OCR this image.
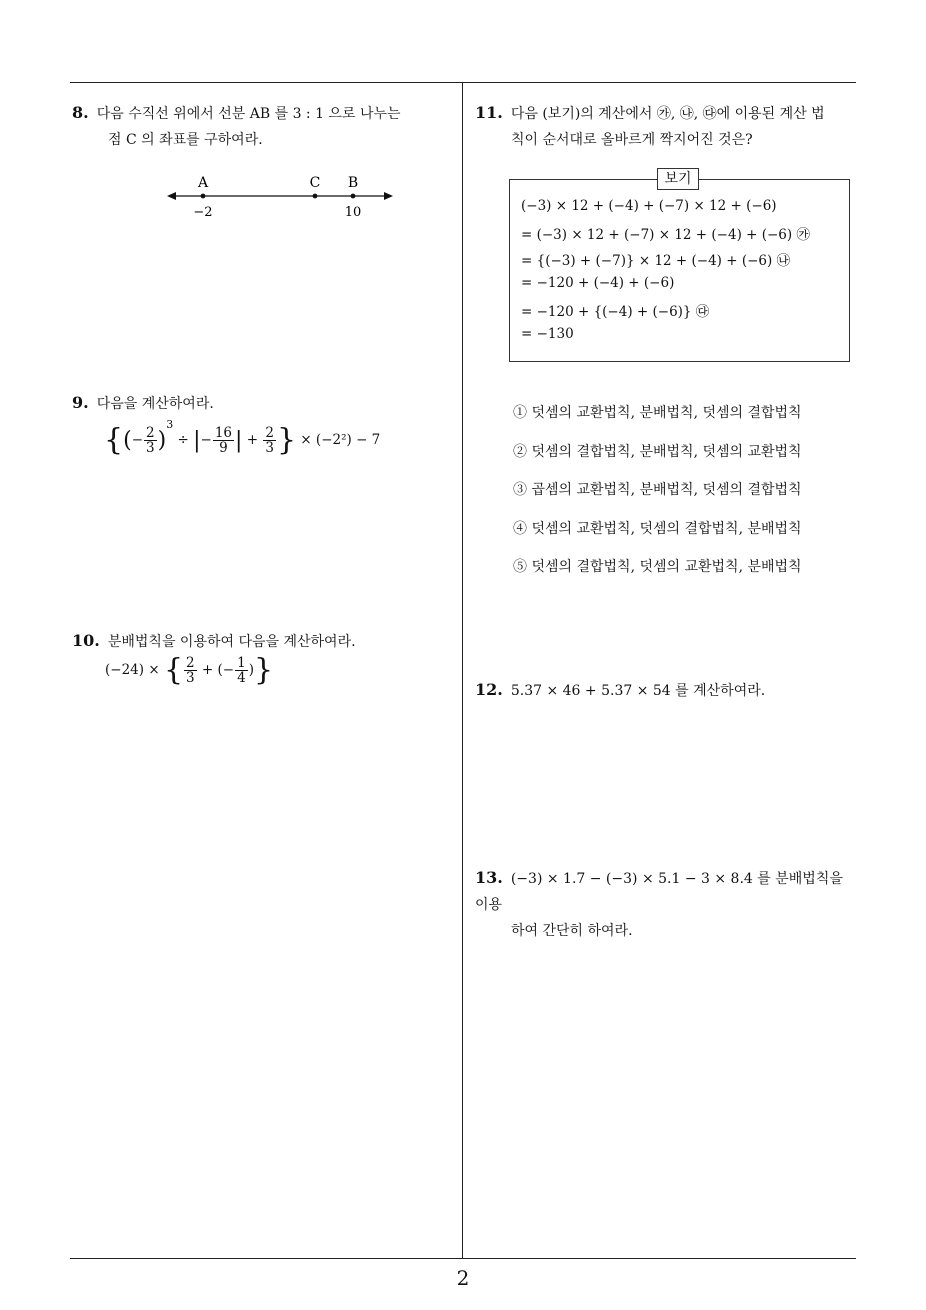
8. 다음 수직선 위에서 선분 AB 를 3 : 1 으로 나누는
점 C 의 좌표를 구하여라.
A	C B
−2	10
9. 다음을 계산하여라.
{(− $\frac{2}{3} )^3$ ÷ |− $\frac{16}{9}$ | + $\frac{2}{3}$ } × (−2²) − 7
10. 분배법칙을 이용하여 다음을 계산하여라.
(−24) × { $\frac{2}{3}$ + (− $\frac{1}{4}$ )}
11. 다음 (보기)의 계산에서 ㉮, ㉯, ㉰에 이용된 계산 법
칙이 순서대로 올바르게 짝지어진 것은?
보기
(−3) × 12 + (−4) + (−7) × 12 + (−6)
= (−3) × 12 + (−7) × 12 + (−4) + (−6) ㉮
= {(−3) + (−7)} × 12 + (−4) + (−6) ㉯
= −120 + (−4) + (−6)
= −120 + {(−4) + (−6)} ㉰
= −130
① 덧셈의 교환법칙, 분배법칙, 덧셈의 결합법칙
② 덧셈의 결합법칙, 분배법칙, 덧셈의 교환법칙
③ 곱셈의 교환법칙, 분배법칙, 덧셈의 결합법칙
④ 덧셈의 교환법칙, 덧셈의 결합법칙, 분배법칙
⑤ 덧셈의 결합법칙, 덧셈의 교환법칙, 분배법칙
12. 5.37 × 46 + 5.37 × 54 를 계산하여라.
13. (−3) × 1.7 − (−3) × 5.1 − 3 × 8.4 를 분배법칙을 이용
하여 간단히 하여라.
2
